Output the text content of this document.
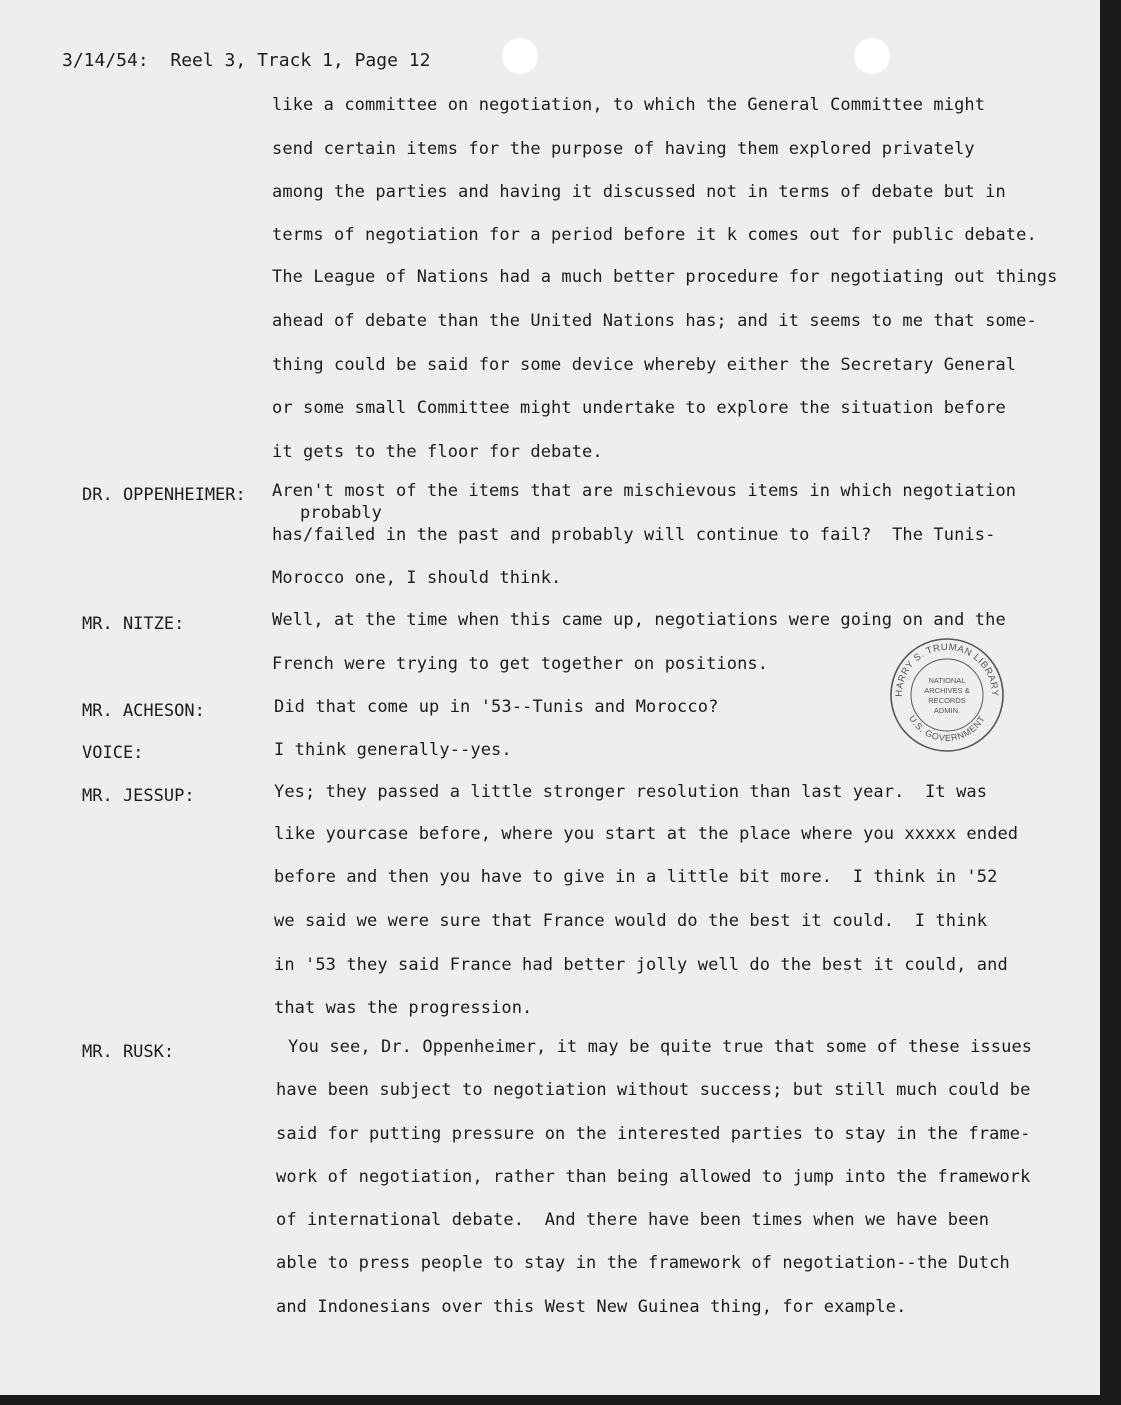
3/14/54:  Reel 3, Track 1, Page 12
like a committee on negotiation, to which the General Committee might
send certain items for the purpose of having them explored privately
among the parties and having it discussed not in terms of debate but in
terms of negotiation for a period before it k comes out for public debate.
The League of Nations had a much better procedure for negotiating out things
ahead of debate than the United Nations has; and it seems to me that some-
thing could be said for some device whereby either the Secretary General
or some small Committee might undertake to explore the situation before
it gets to the floor for debate.
DR. OPPENHEIMER: Aren't most of the items that are mischievous items in which negotiation
probably
has/failed in the past and probably will continue to fail?  The Tunis-
Morocco one, I should think.
MR. NITZE:	Well, at the time when this came up, negotiations were going on and the
French were trying to get together on positions.
MR. ACHESON:	Did that come up in '53--Tunis and Morocco?
VOICE:	I think generally--yes.
MR. JESSUP:	Yes; they passed a little stronger resolution than last year.  It was
like yourcase before, where you start at the place where you xxxxx ended
before and then you have to give in a little bit more.  I think in '52
we said we were sure that France would do the best it could.  I think
in '53 they said France had better jolly well do the best it could, and
that was the progression.
MR. RUSK:	You see, Dr. Oppenheimer, it may be quite true that some of these issues
have been subject to negotiation without success; but still much could be
said for putting pressure on the interested parties to stay in the frame-
work of negotiation, rather than being allowed to jump into the framework
of international debate.  And there have been times when we have been
able to press people to stay in the framework of negotiation--the Dutch
and Indonesians over this West New Guinea thing, for example.
HARRY S. TRUMAN LIBRARY
U.S. GOVERNMENT
NATIONAL
ARCHIVES &
RECORDS
ADMIN.
